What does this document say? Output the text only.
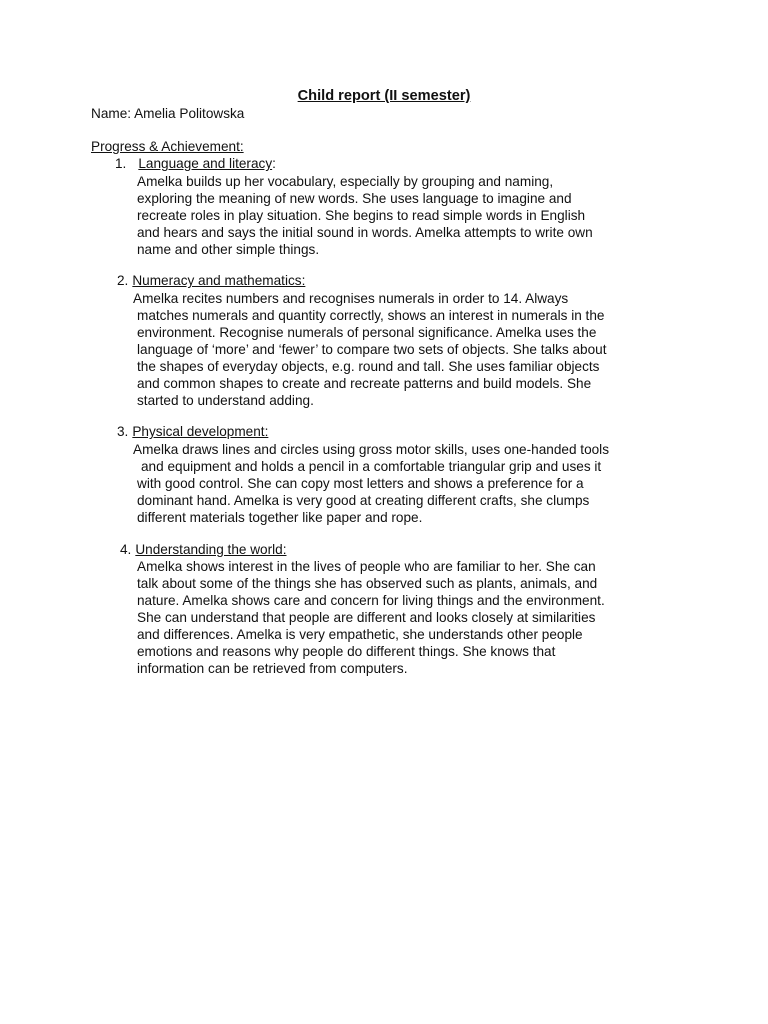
Child report (II semester)
Name: Amelia Politowska
Progress & Achievement:
1. Language and literacy:
Amelka builds up her vocabulary, especially by grouping and naming,
exploring the meaning of new words. She uses language to imagine and
recreate roles in play situation. She begins to read simple words in English
and hears and says the initial sound in words. Amelka attempts to write own
name and other simple things.
2. Numeracy and mathematics:
Amelka recites numbers and recognises numerals in order to 14. Always
matches numerals and quantity correctly, shows an interest in numerals in the
environment. Recognise numerals of personal significance. Amelka uses the
language of ‘more’ and ‘fewer’ to compare two sets of objects. She talks about
the shapes of everyday objects, e.g. round and tall. She uses familiar objects
and common shapes to create and recreate patterns and build models. She
started to understand adding.
3. Physical development:
Amelka draws lines and circles using gross motor skills, uses one-handed tools
and equipment and holds a pencil in a comfortable triangular grip and uses it
with good control. She can copy most letters and shows a preference for a
dominant hand. Amelka is very good at creating different crafts, she clumps
different materials together like paper and rope.
4. Understanding the world:
Amelka shows interest in the lives of people who are familiar to her. She can
talk about some of the things she has observed such as plants, animals, and
nature. Amelka shows care and concern for living things and the environment.
She can understand that people are different and looks closely at similarities
and differences. Amelka is very empathetic, she understands other people
emotions and reasons why people do different things. She knows that
information can be retrieved from computers.
